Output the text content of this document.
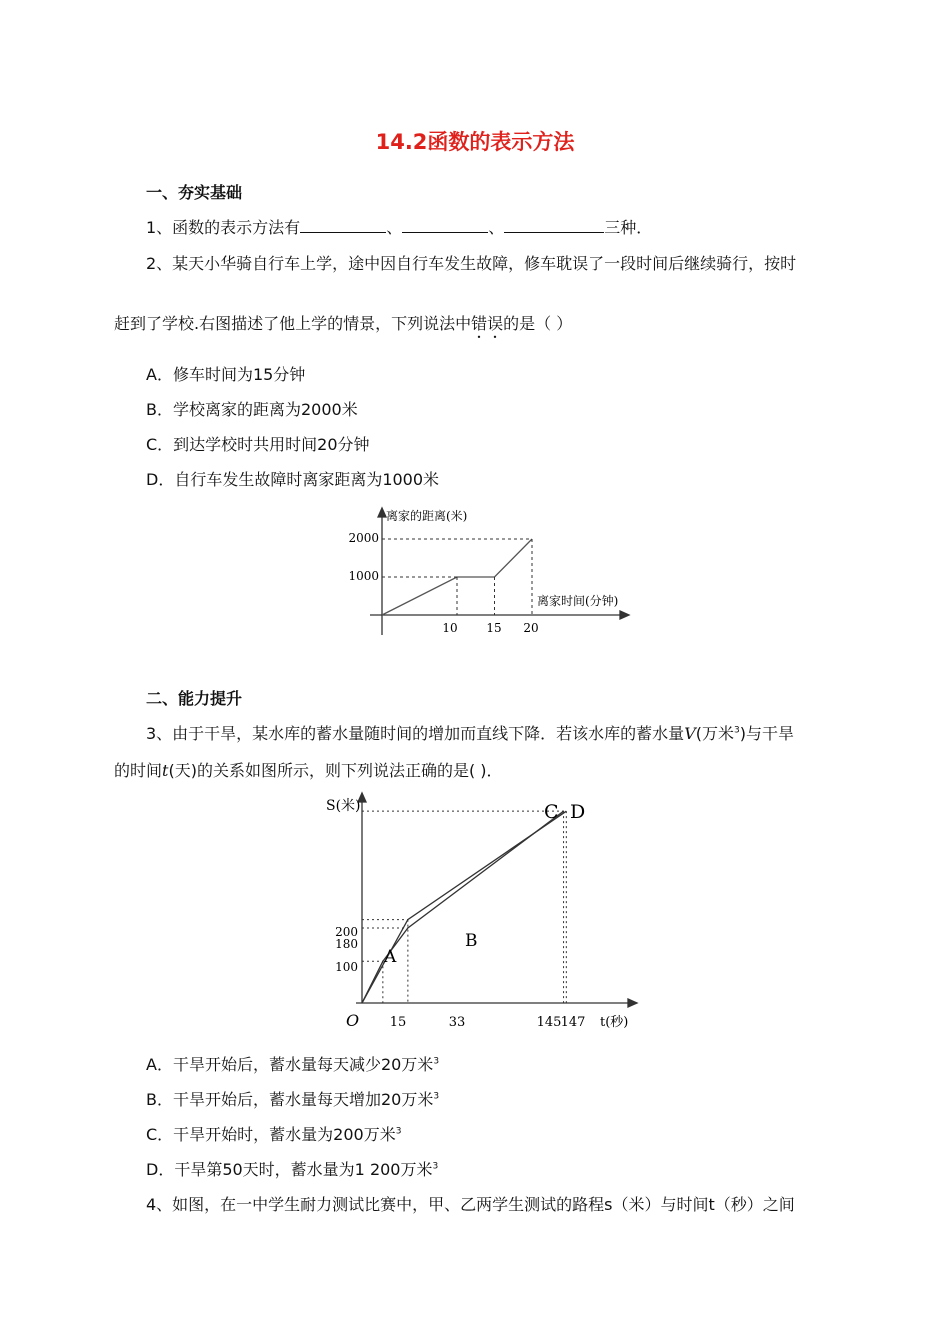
14.2函数的表示方法
一、夯实基础
1、函数的表示方法有	、	、	三种．
2、某天小华骑自行车上学，途中因自行车发生故障，修车耽误了一段时间后继续骑行，按时
赶到了学校.右图描述了他上学的情景，下列说法中错误的是（ ）
A．修车时间为15分钟
B．学校离家的距离为2000米
C．到达学校时共用时间20分钟
D．自行车发生故障时离家距离为1000米
离家的距离(米)
离家时间(分钟)
10 15 20
1000
2000
二、能力提升
3、由于干旱，某水库的蓄水量随时间的增加而直线下降．若该水库的蓄水量V(万米$^3$)与干旱
的时间t(天)的关系如图所示，则下列说法正确的是( )．
S(米)
t(秒)
O 15	33	145 147
100
180
200
A
B
C D
A．干旱开始后，蓄水量每天减少20万米$^3$
B．干旱开始后，蓄水量每天增加20万米$^3$
C．干旱开始时，蓄水量为200万米$^3$
D．干旱第50天时，蓄水量为1 200万米$^3$
4、如图，在一中学生耐力测试比赛中，甲、乙两学生测试的路程s（米）与时间t（秒）之间
